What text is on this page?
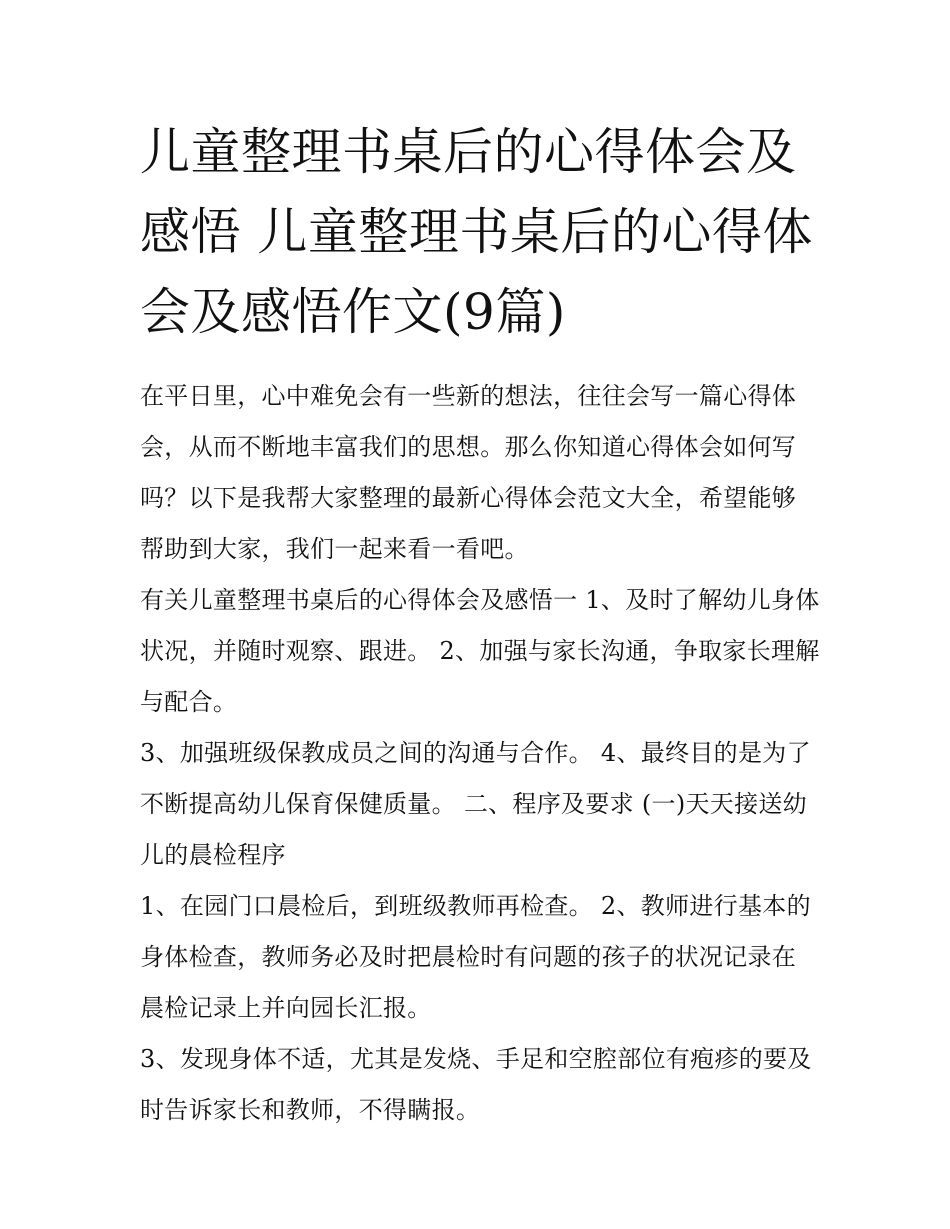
儿童整理书桌后的心得体会及感悟 儿童整理书桌后的心得体会及感悟作文(9篇)

在平日里，心中难免会有一些新的想法，往往会写一篇心得体会，从而不断地丰富我们的思想。那么你知道心得体会如何写吗？以下是我帮大家整理的最新心得体会范文大全，希望能够帮助到大家，我们一起来看一看吧。

有关儿童整理书桌后的心得体会及感悟一 1、及时了解幼儿身体状况，并随时观察、跟进。 2、加强与家长沟通，争取家长理解与配合。

3、加强班级保教成员之间的沟通与合作。 4、最终目的是为了不断提高幼儿保育保健质量。 二、程序及要求 (一)天天接送幼儿的晨检程序

1、在园门口晨检后，到班级教师再检查。 2、教师进行基本的身体检查，教师务必及时把晨检时有问题的孩子的状况记录在晨检记录上并向园长汇报。

3、发现身体不适，尤其是发烧、手足和空腔部位有疱疹的要及时告诉家长和教师，不得瞒报。
